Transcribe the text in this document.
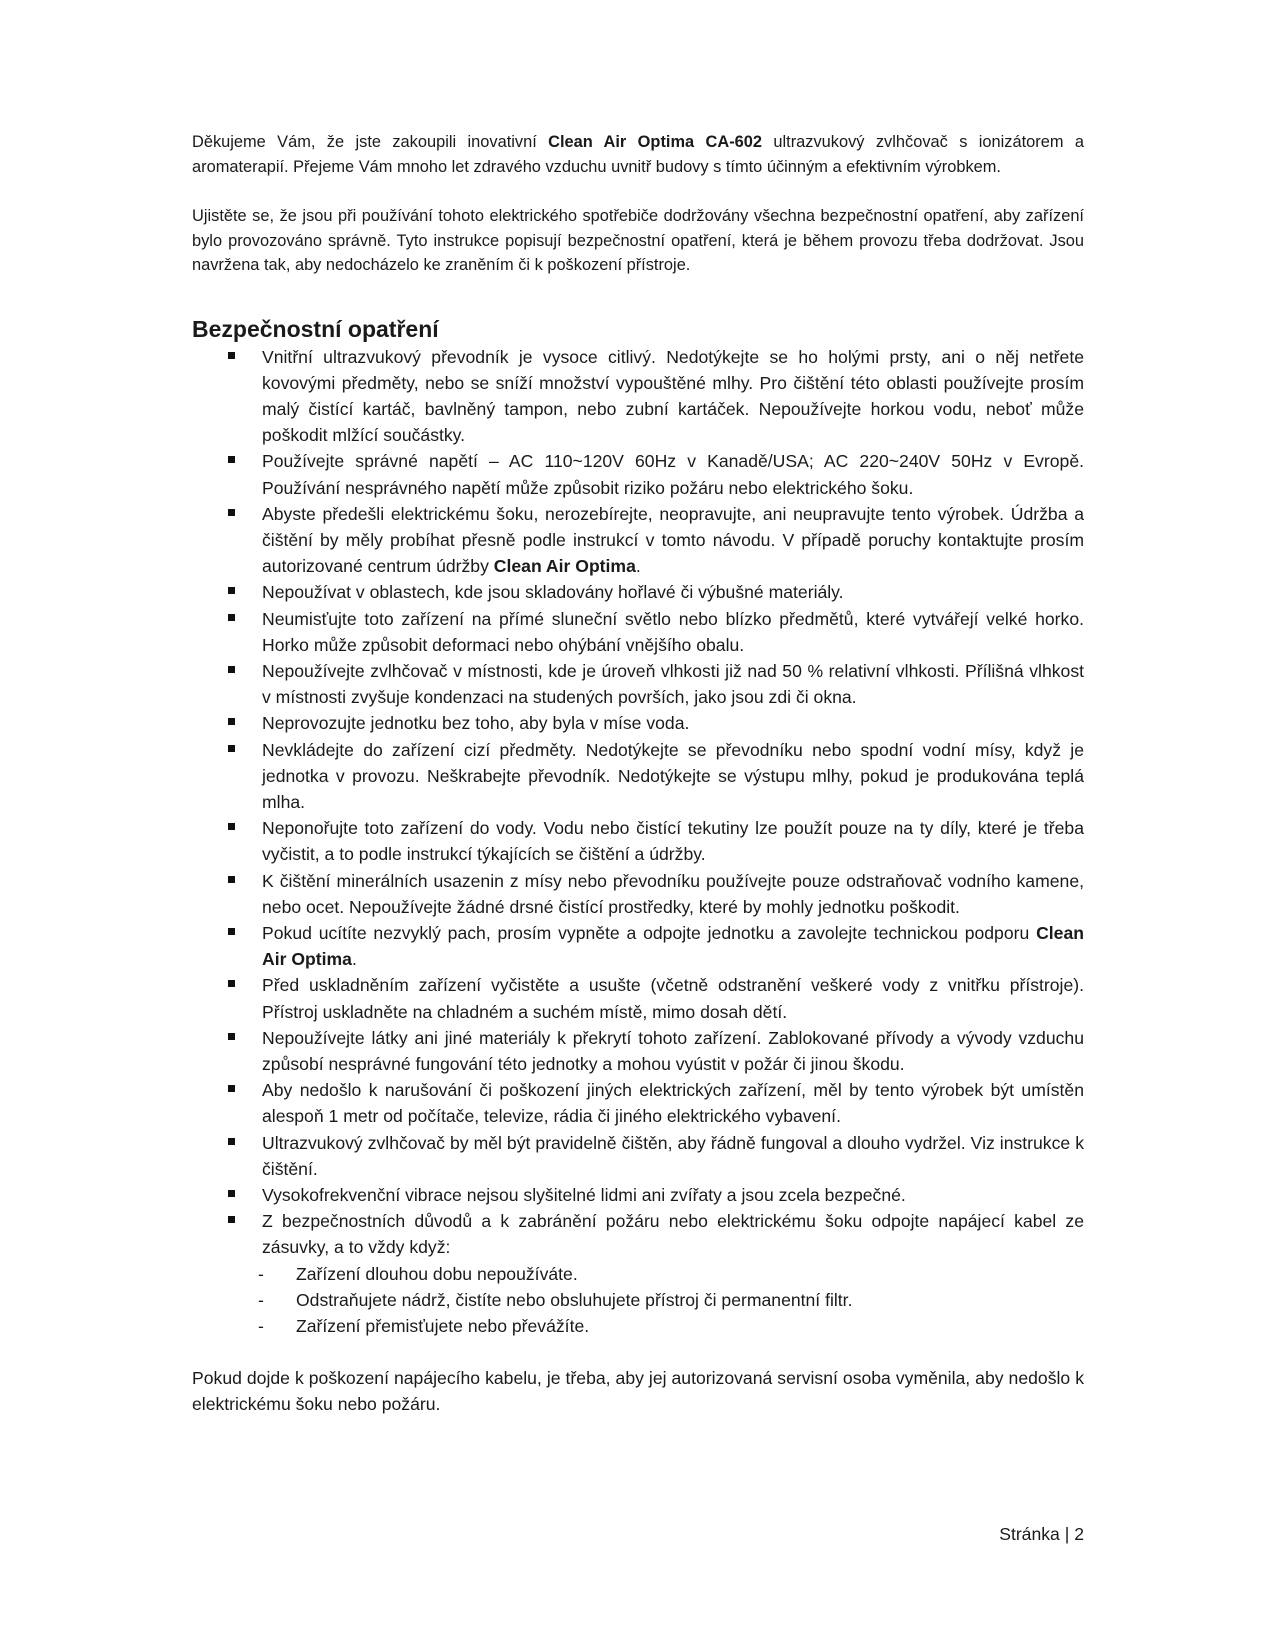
Děkujeme Vám, že jste zakoupili inovativní Clean Air Optima CA-602 ultrazvukový zvlhčovač s ionizátorem a aromaterapií. Přejeme Vám mnoho let zdravého vzduchu uvnitř budovy s tímto účinným a efektivním výrobkem.

Ujistěte se, že jsou při používání tohoto elektrického spotřebiče dodržovány všechna bezpečnostní opatření, aby zařízení bylo provozováno správně. Tyto instrukce popisují bezpečnostní opatření, která je během provozu třeba dodržovat. Jsou navržena tak, aby nedocházelo ke zraněním či k poškození přístroje.

Bezpečnostní opatření
Vnitřní ultrazvukový převodník je vysoce citlivý. Nedotýkejte se ho holými prsty, ani o něj netřete kovovými předměty, nebo se sníží množství vypouštěné mlhy. Pro čištění této oblasti používejte prosím malý čistící kartáč, bavlněný tampon, nebo zubní kartáček. Nepoužívejte horkou vodu, neboť může poškodit mlžící součástky.
Používejte správné napětí – AC 110~120V 60Hz v Kanadě/USA; AC 220~240V 50Hz v Evropě. Používání nesprávného napětí může způsobit riziko požáru nebo elektrického šoku.
Abyste předešli elektrickému šoku, nerozebírejte, neopravujte, ani neupravujte tento výrobek. Údržba a čištění by měly probíhat přesně podle instrukcí v tomto návodu. V případě poruchy kontaktujte prosím autorizované centrum údržby Clean Air Optima.
Nepoužívat v oblastech, kde jsou skladovány hořlavé či výbušné materiály.
Neumisťujte toto zařízení na přímé sluneční světlo nebo blízko předmětů, které vytvářejí velké horko. Horko může způsobit deformaci nebo ohýbání vnějšího obalu.
Nepoužívejte zvlhčovač v místnosti, kde je úroveň vlhkosti již nad 50 % relativní vlhkosti. Přílišná vlhkost v místnosti zvyšuje kondenzaci na studených površích, jako jsou zdi či okna.
Neprovozujte jednotku bez toho, aby byla v míse voda.
Nevkládejte do zařízení cizí předměty. Nedotýkejte se převodníku nebo spodní vodní mísy, když je jednotka v provozu. Neškrabejte převodník. Nedotýkejte se výstupu mlhy, pokud je produkována teplá mlha.
Neponořujte toto zařízení do vody. Vodu nebo čistící tekutiny lze použít pouze na ty díly, které je třeba vyčistit, a to podle instrukcí týkajících se čištění a údržby.
K čištění minerálních usazenin z mísy nebo převodníku používejte pouze odstraňovač vodního kamene, nebo ocet. Nepoužívejte žádné drsné čistící prostředky, které by mohly jednotku poškodit.
Pokud ucítíte nezvyklý pach, prosím vypněte a odpojte jednotku a zavolejte technickou podporu Clean Air Optima.
Před uskladněním zařízení vyčistěte a usušte (včetně odstranění veškeré vody z vnitřku přístroje). Přístroj uskladněte na chladném a suchém místě, mimo dosah dětí.
Nepoužívejte látky ani jiné materiály k překrytí tohoto zařízení. Zablokované přívody a vývody vzduchu způsobí nesprávné fungování této jednotky a mohou vyústit v požár či jinou škodu.
Aby nedošlo k narušování či poškození jiných elektrických zařízení, měl by tento výrobek být umístěn alespoň 1 metr od počítače, televize, rádia či jiného elektrického vybavení.
Ultrazvukový zvlhčovač by měl být pravidelně čištěn, aby řádně fungoval a dlouho vydržel. Viz instrukce k čištění.
Vysokofrekvenční vibrace nejsou slyšitelné lidmi ani zvířaty a jsou zcela bezpečné.
Z bezpečnostních důvodů a k zabránění požáru nebo elektrickému šoku odpojte napájecí kabel ze zásuvky, a to vždy když:
- Zařízení dlouhou dobu nepoužíváte.
- Odstraňujete nádrž, čistíte nebo obsluhujete přístroj či permanentní filtr.
- Zařízení přemisťujete nebo převážíte.

Pokud dojde k poškození napájecího kabelu, je třeba, aby jej autorizovaná servisní osoba vyměnila, aby nedošlo k elektrickému šoku nebo požáru.

Stránka | 2
